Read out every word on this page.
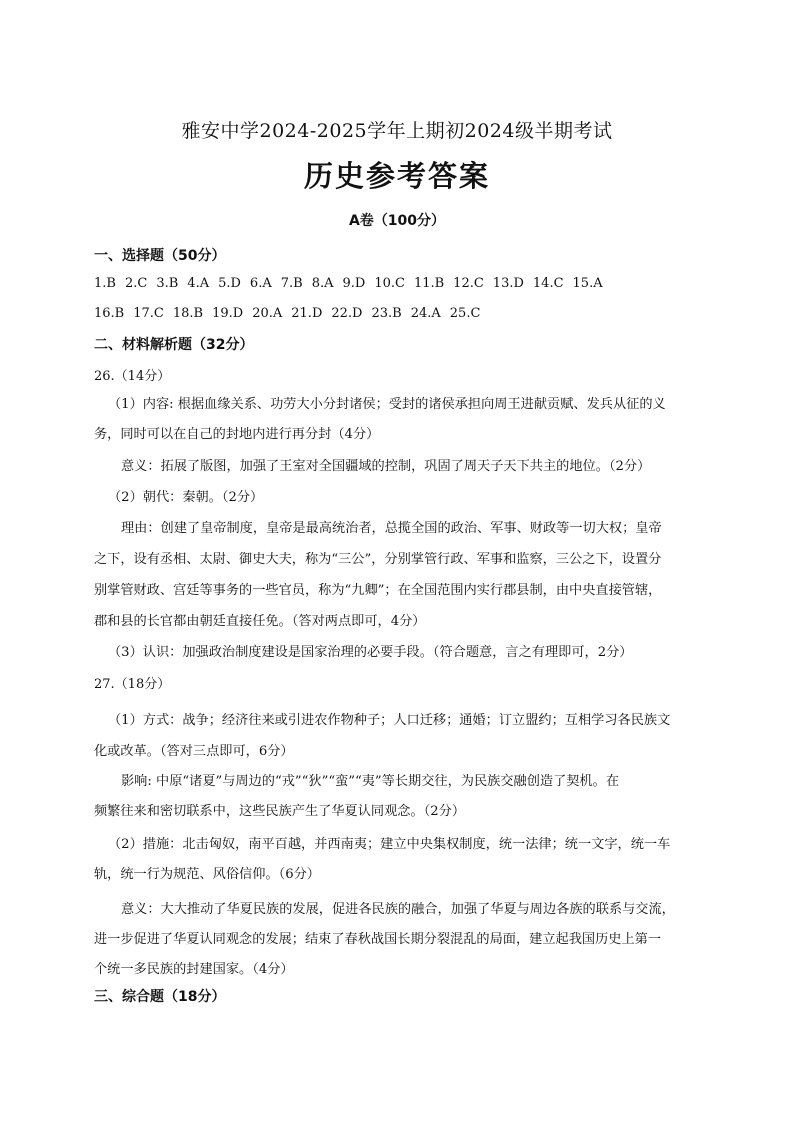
雅安中学2024-2025学年上期初2024级半期考试
历史参考答案
A卷（100分）
一、选择题（50分）
1.B 2.C 3.B 4.A 5.D 6.A 7.B 8.A 9.D 10.C 11.B 12.C 13.D 14.C 15.A
16.B 17.C 18.B 19.D 20.A 21.D 22.D 23.B 24.A 25.C
二、材料解析题（32分）
26.（14分）
（1）内容: 根据血缘关系、功劳大小分封诸侯；受封的诸侯承担向周王进献贡赋、发兵从征的义
务，同时可以在自己的封地内进行再分封（4分）
意义：拓展了版图，加强了王室对全国疆域的控制，巩固了周天子天下共主的地位。（2分）
（2）朝代：秦朝。（2分）
理由：创建了皇帝制度，皇帝是最高统治者，总揽全国的政治、军事、财政等一切大权；皇帝
之下，设有丞相、太尉、御史大夫，称为“三公”，分别掌管行政、军事和监察，三公之下，设置分
别掌管财政、宫廷等事务的一些官员，称为“九卿”；在全国范围内实行郡县制，由中央直接管辖，
郡和县的长官都由朝廷直接任免。（答对两点即可，4分）
（3）认识：加强政治制度建设是国家治理的必要手段。（符合题意，言之有理即可，2分）
27.（18分）
（1）方式：战争；经济往来或引进农作物种子；人口迁移；通婚；订立盟约；互相学习各民族文
化或改革。（答对三点即可，6分）
影响: 中原“诸夏”与周边的“戎”“狄”“蛮”“夷”等长期交往，为民族交融创造了契机。在
频繁往来和密切联系中，这些民族产生了华夏认同观念。（2分）
（2）措施：北击匈奴，南平百越，并西南夷；建立中央集权制度，统一法律；统一文字，统一车
轨，统一行为规范、风俗信仰。（6分）
意义：大大推动了华夏民族的发展，促进各民族的融合，加强了华夏与周边各族的联系与交流，
进一步促进了华夏认同观念的发展；结束了春秋战国长期分裂混乱的局面，建立起我国历史上第一
个统一多民族的封建国家。（4分）
三、综合题（18分）
